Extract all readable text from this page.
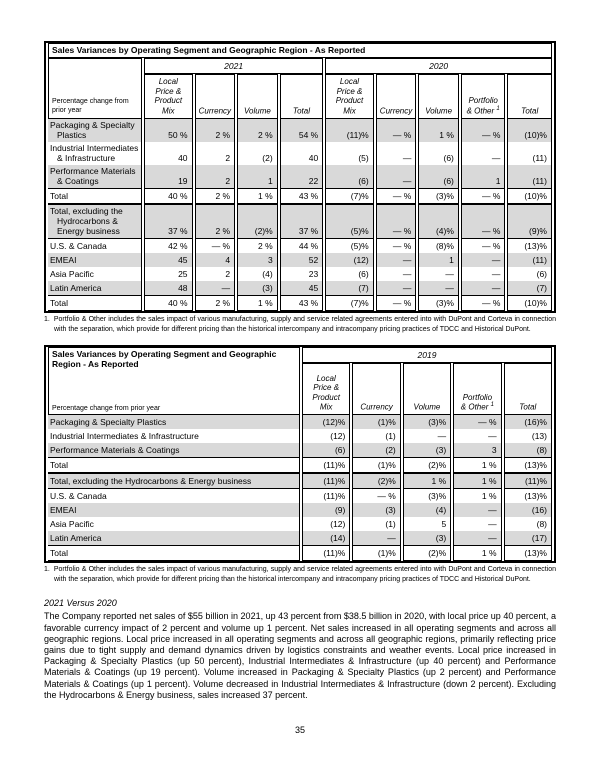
Sales Variances by Operating Segment and Geographic Region - As Reported									
Percentage change from prior year	2021				2020				
	Local Price & Product Mix	Currency	Volume	Total	Local Price & Product Mix	Currency	Volume	Portfolio & Other $^1$	Total
Packaging & Specialty Plastics	50 %	2 %	2 %	54 %	(11)%	— %	1 %	— %	(10)%
Industrial Intermediates & Infrastructure	40	2	(2)	40	(5)	—	(6)	—	(11)
Performance Materials & Coatings	19	2	1	22	(6)	—	(6)	1	(11)
Total	40 %	2 %	1 %	43 %	(7)%	— %	(3)%	— %	(10)%
Total, excluding the Hydrocarbons & Energy business	37 %	2 %	(2)%	37 %	(5)%	— %	(4)%	— %	(9)%
U.S. & Canada	42 %	— %	2 %	44 %	(5)%	— %	(8)%	— %	(13)%
EMEAI	45	4	3	52	(12)	—	1	—	(11)
Asia Pacific	25	2	(4)	23	(6)	—	—	—	(6)
Latin America	48	—	(3)	45	(7)	—	—	—	(7)
Total	40 %	2 %	1 %	43 %	(7)%	— %	(3)%	— %	(10)%
1. Portfolio & Other includes the sales impact of various manufacturing, supply and service related agreements entered into with DuPont and Corteva in connection with the separation, which provide for different pricing than the historical intercompany and intracompany pricing practices of TDCC and Historical DuPont.
Sales Variances by Operating Segment and Geographic Region - As Reported
Percentage change from prior year	2019				
	Local Price & Product Mix	Currency	Volume	Portfolio & Other $^1$	Total
Packaging & Specialty Plastics	(12)%	(1)%	(3)%	— %	(16)%
Industrial Intermediates & Infrastructure	(12)	(1)	—	—	(13)
Performance Materials & Coatings	(6)	(2)	(3)	3	(8)
Total	(11)%	(1)%	(2)%	1 %	(13)%
Total, excluding the Hydrocarbons & Energy business	(11)%	(2)%	1 %	1 %	(11)%
U.S. & Canada	(11)%	— %	(3)%	1 %	(13)%
EMEAI	(9)	(3)	(4)	—	(16)
Asia Pacific	(12)	(1)	5	—	(8)
Latin America	(14)	—	(3)	—	(17)
Total	(11)%	(1)%	(2)%	1 %	(13)%
1. Portfolio & Other includes the sales impact of various manufacturing, supply and service related agreements entered into with DuPont and Corteva in connection with the separation, which provide for different pricing than the historical intercompany and intracompany pricing practices of TDCC and Historical DuPont.
2021 Versus 2020
The Company reported net sales of $55 billion in 2021, up 43 percent from $38.5 billion in 2020, with local price up 40 percent, a favorable currency impact of 2 percent and volume up 1 percent. Net sales increased in all operating segments and across all geographic regions. Local price increased in all operating segments and across all geographic regions, primarily reflecting price gains due to tight supply and demand dynamics driven by logistics constraints and weather events. Local price increased in Packaging & Specialty Plastics (up 50 percent), Industrial Intermediates & Infrastructure (up 40 percent) and Performance Materials & Coatings (up 19 percent). Volume increased in Packaging & Specialty Plastics (up 2 percent) and Performance Materials & Coatings (up 1 percent). Volume decreased in Industrial Intermediates & Infrastructure (down 2 percent). Excluding the Hydrocarbons & Energy business, sales increased 37 percent.
35
